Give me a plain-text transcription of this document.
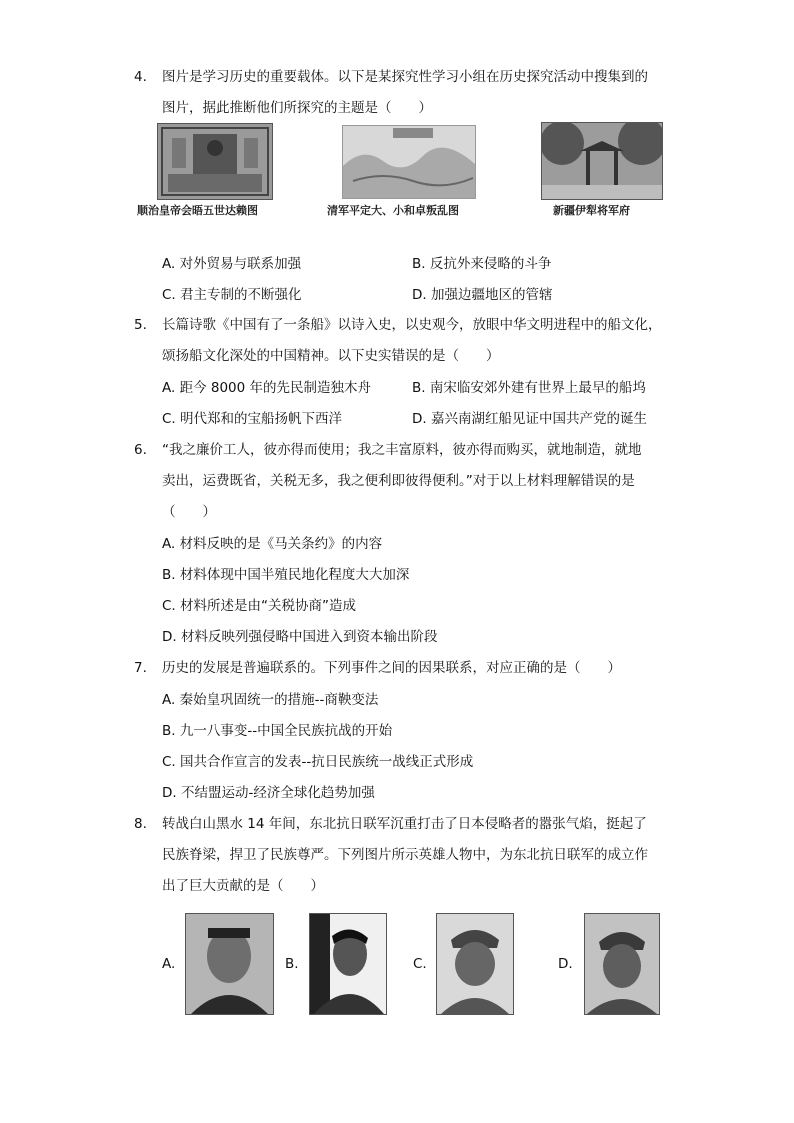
4.	图片是学习历史的重要载体。以下是某探究性学习小组在历史探究活动中搜集到的
图片，据此推断他们所探究的主题是（　　）
顺治皇帝会晤五世达赖图	清军平定大、小和卓叛乱图	新疆伊犁将军府
A. 对外贸易与联系加强	B. 反抗外来侵略的斗争
C. 君主专制的不断强化	D. 加强边疆地区的管辖
5.	长篇诗歌《中国有了一条船》以诗入史，以史观今，放眼中华文明进程中的船文化，
颂扬船文化深处的中国精神。以下史实错误的是（　　）
A. 距今 8000 年的先民制造独木舟	B. 南宋临安郊外建有世界上最早的船坞
C. 明代郑和的宝船扬帆下西洋	D. 嘉兴南湖红船见证中国共产党的诞生
6.	“我之廉价工人，彼亦得而使用；我之丰富原料，彼亦得而购买，就地制造，就地
卖出，运费既省，关税无多，我之便利即彼得便利。”对于以上材料理解错误的是
（　　）
A. 材料反映的是《马关条约》的内容
B. 材料体现中国半殖民地化程度大大加深
C. 材料所述是由“关税协商”造成
D. 材料反映列强侵略中国进入到资本输出阶段
7.	历史的发展是普遍联系的。下列事件之间的因果联系，对应正确的是（　　）
A. 秦始皇巩固统一的措施--商鞅变法
B. 九一八事变--中国全民族抗战的开始
C. 国共合作宣言的发表--抗日民族统一战线正式形成
D. 不结盟运动-经济全球化趋势加强
8.	转战白山黑水 14 年间，东北抗日联军沉重打击了日本侵略者的嚣张气焰，挺起了
民族脊梁，捍卫了民族尊严。下列图片所示英雄人物中，为东北抗日联军的成立作
出了巨大贡献的是（　　）
A.	B.	C.	D.
